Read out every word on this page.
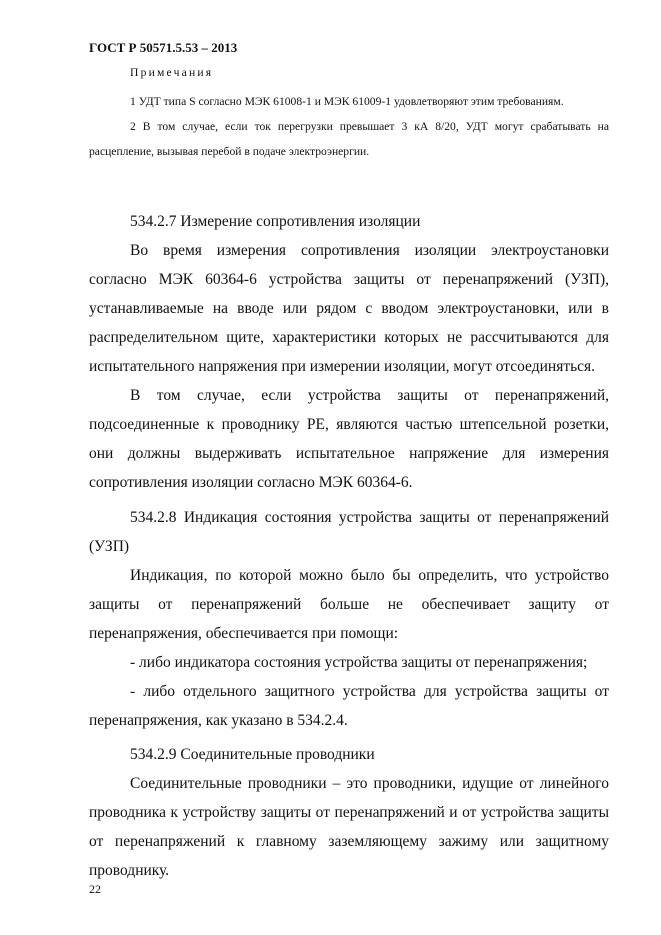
ГОСТ Р 50571.5.53 – 2013
Примечания

1 УДТ типа S согласно МЭК 61008-1 и МЭК 61009-1 удовлетворяют этим требованиям.

2 В том случае, если ток перегрузки превышает 3 кА 8/20, УДТ могут срабатывать на расцепление, вызывая перебой в подаче электроэнергии.

534.2.7 Измерение сопротивления изоляции

Во время измерения сопротивления изоляции электроустановки согласно МЭК 60364-6 устройства защиты от перенапряжений (УЗП), устанавливаемые на вводе или рядом с вводом электроустановки, или в распределительном щите, характеристики которых не рассчитываются для испытательного напряжения при измерении изоляции, могут отсоединяться.

В том случае, если устройства защиты от перенапряжений, подсоединенные к проводнику PE, являются частью штепсельной розетки, они должны выдерживать испытательное напряжение для измерения сопротивления изоляции согласно МЭК 60364-6.

534.2.8 Индикация состояния устройства защиты от перенапряжений (УЗП)

Индикация, по которой можно было бы определить, что устройство защиты от перенапряжений больше не обеспечивает защиту от перенапряжения, обеспечивается при помощи:

- либо индикатора состояния устройства защиты от перенапряжения;

- либо отдельного защитного устройства для устройства защиты от перенапряжения, как указано в 534.2.4.

534.2.9 Соединительные проводники

Соединительные проводники – это проводники, идущие от линейного проводника к устройству защиты от перенапряжений и от устройства защиты от перенапряжений к главному заземляющему зажиму или защитному проводнику.

22
